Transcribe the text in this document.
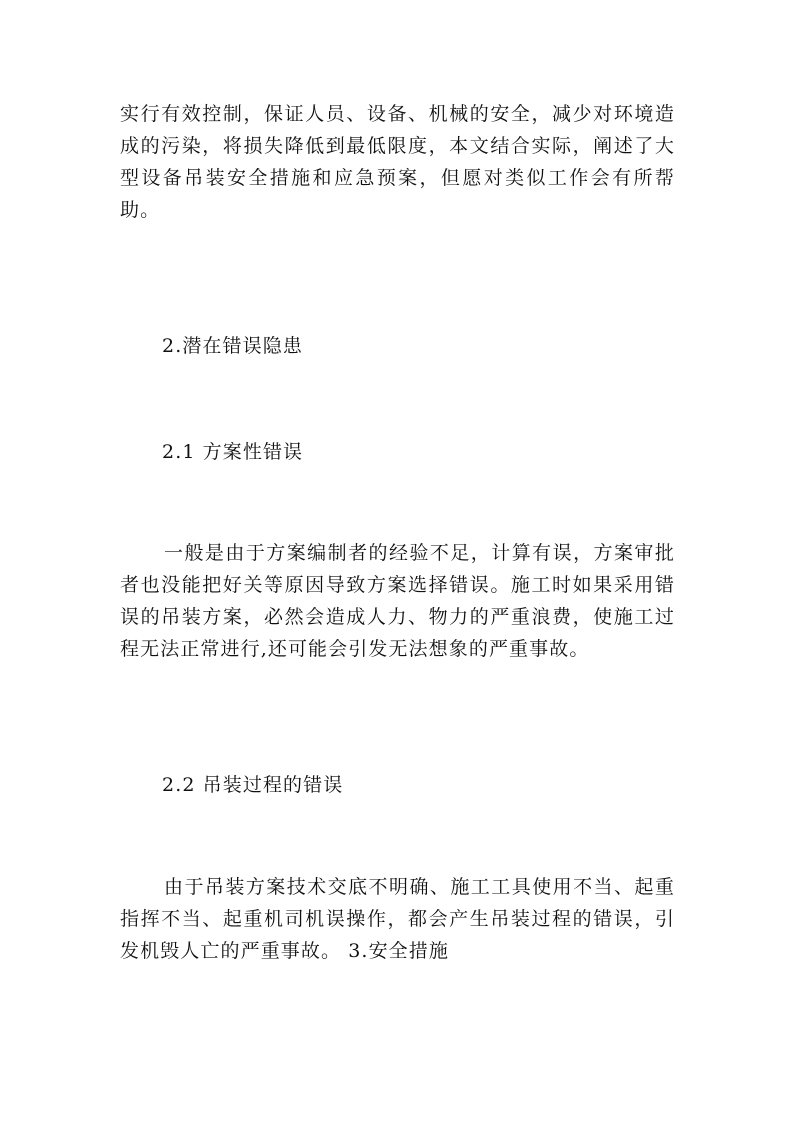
实行有效控制，保证人员、设备、机械的安全，减少对环境造成的污染，将损失降低到最低限度，本文结合实际，阐述了大型设备吊装安全措施和应急预案，但愿对类似工作会有所帮助。

2.潜在错误隐患
2.1 方案性错误

一般是由于方案编制者的经验不足，计算有误，方案审批者也没能把好关等原因导致方案选择错误。施工时如果采用错误的吊装方案，必然会造成人力、物力的严重浪费，使施工过程无法正常进行,还可能会引发无法想象的严重事故。

2.2 吊装过程的错误

由于吊装方案技术交底不明确、施工工具使用不当、起重指挥不当、起重机司机误操作，都会产生吊装过程的错误，引发机毁人亡的严重事故。 3.安全措施
